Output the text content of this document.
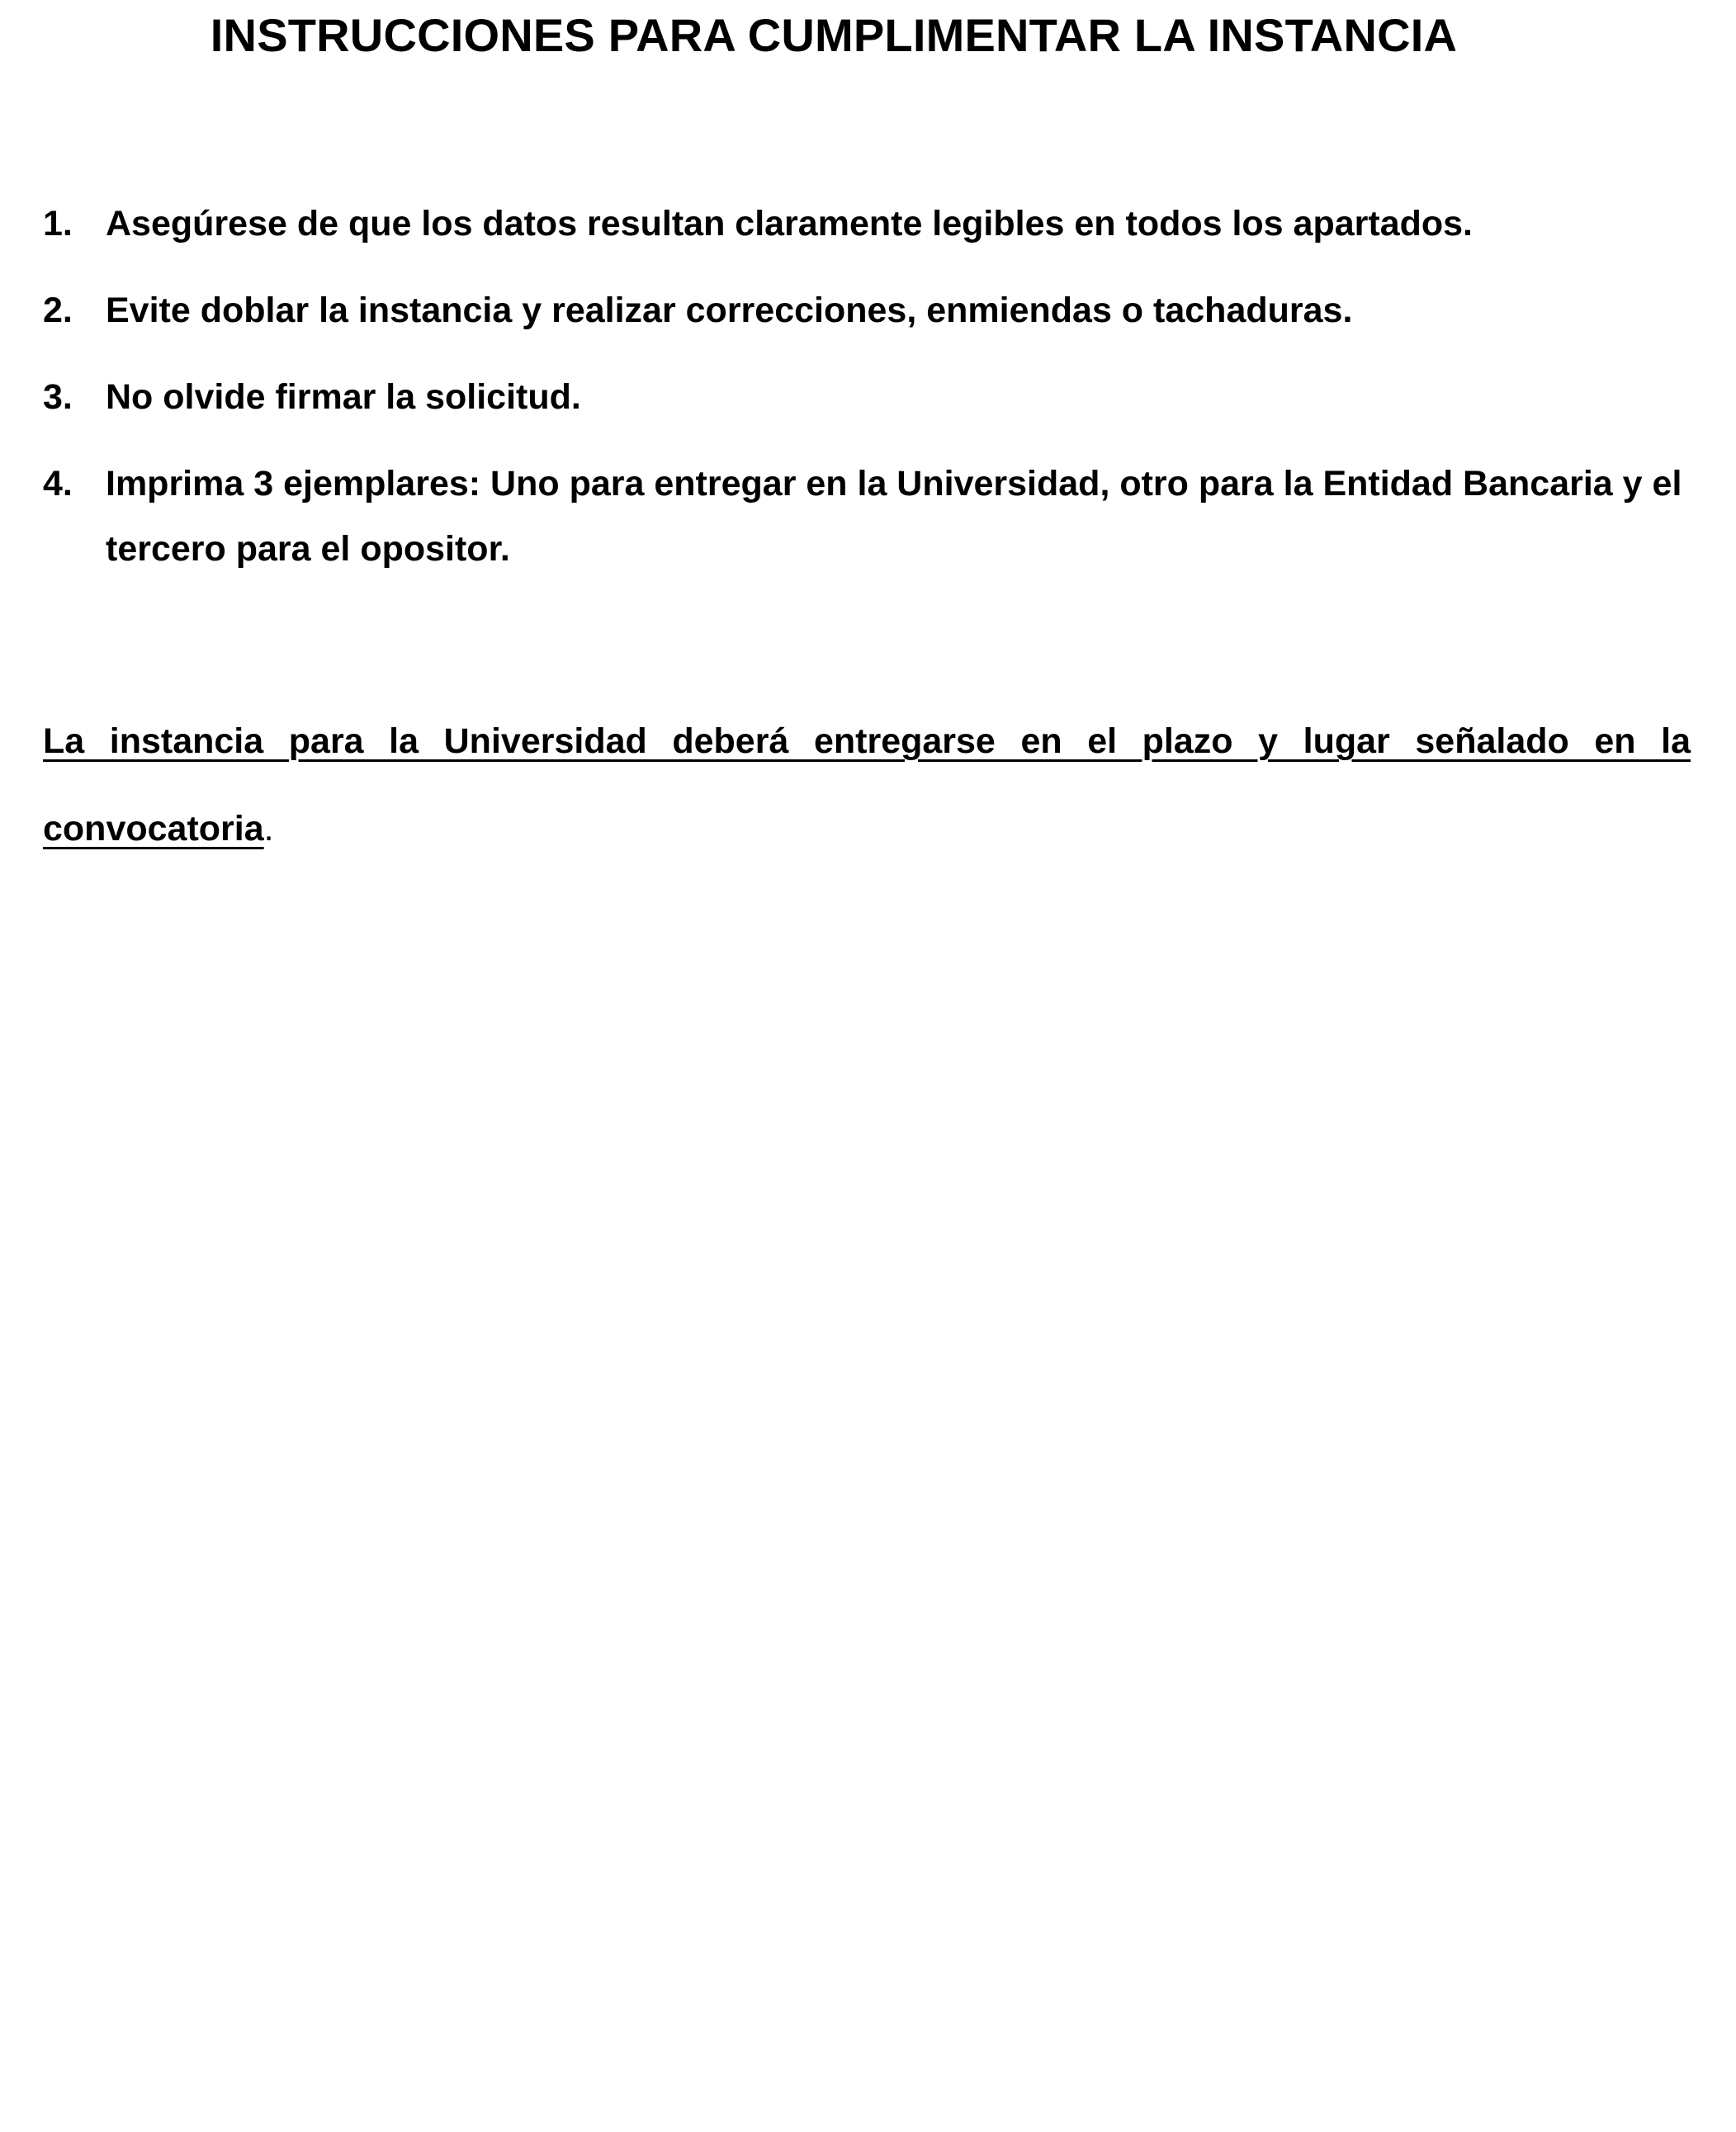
INSTRUCCIONES PARA CUMPLIMENTAR LA INSTANCIA
1. Asegúrese de que los datos resultan claramente legibles en todos los apartados.
2. Evite doblar la instancia y realizar correcciones, enmiendas o tachaduras.
3. No olvide firmar la solicitud.
4. Imprima 3 ejemplares: Uno para entregar en la Universidad, otro para la Entidad Bancaria y el tercero para el opositor.

La instancia para la Universidad deberá entregarse en el plazo y lugar señalado en la convocatoria.
